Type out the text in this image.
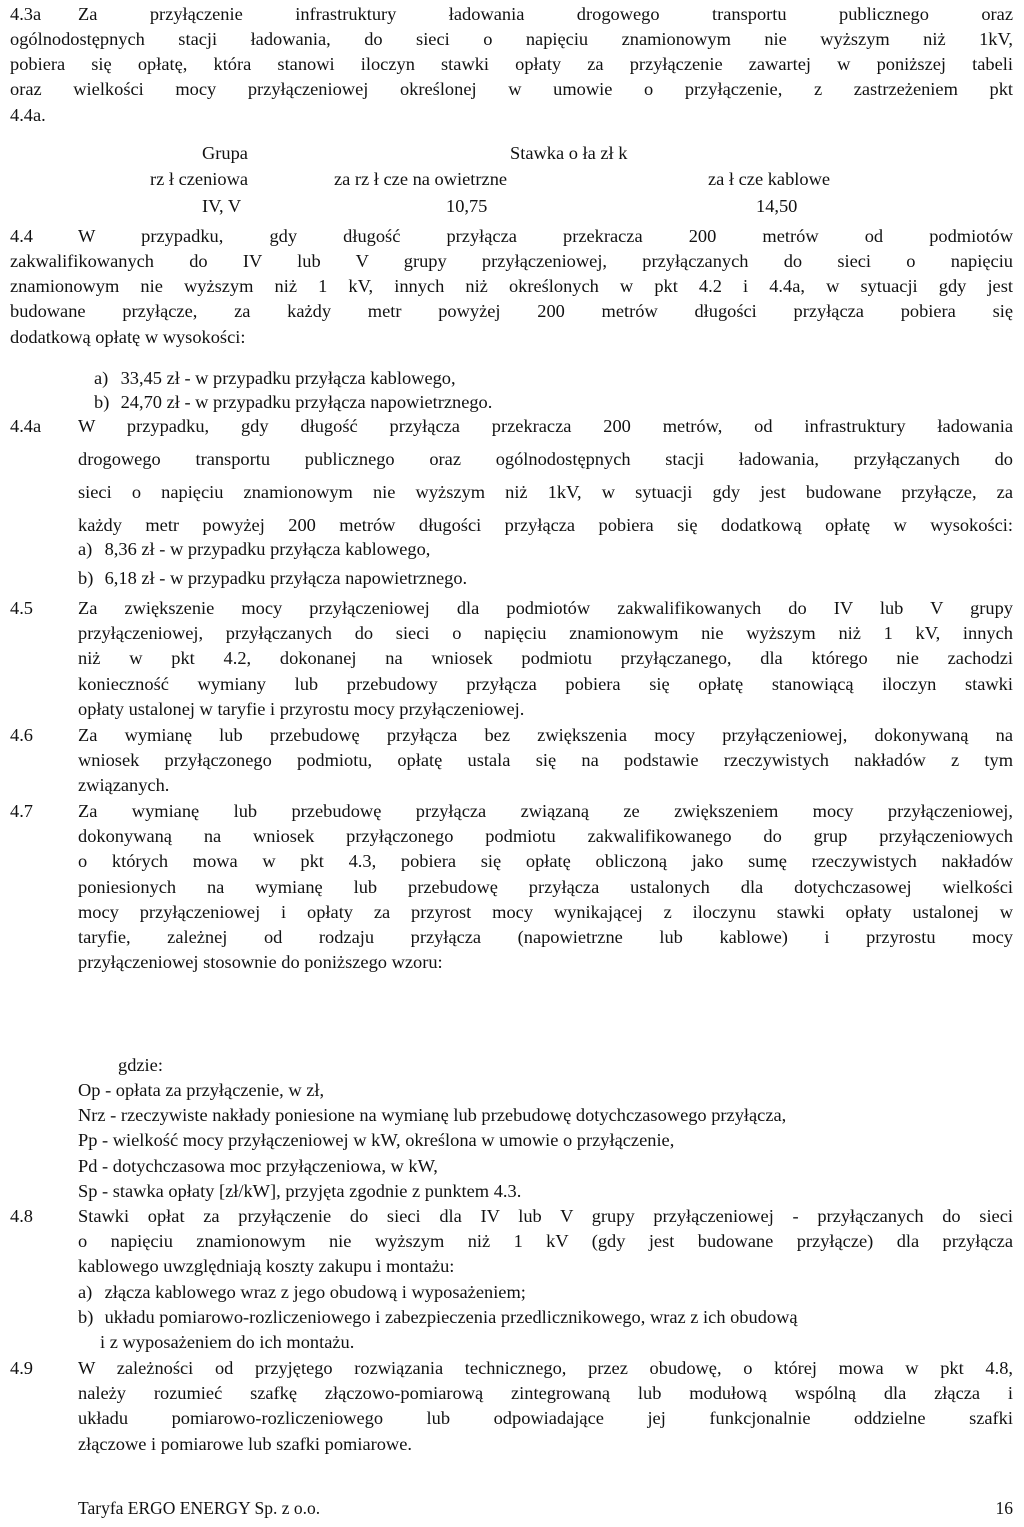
4.3a	Za przyłączenie infrastruktury ładowania drogowego transportu publicznego oraz
ogólnodostępnych stacji ładowania, do sieci o napięciu znamionowym nie wyższym niż 1kV,
pobiera się opłatę, która stanowi iloczyn stawki opłaty za przyłączenie zawartej w poniższej tabeli
oraz wielkości mocy przyłączeniowej określonej w umowie o przyłączenie, z zastrzeżeniem pkt
4.4a.
Grupa	Stawka o ła zł k
rz ł czeniowa	za rz ł cze na owietrzne	za ł cze kablowe
IV, V	10,75	14,50
4.4	W przypadku, gdy długość przyłącza przekracza 200 metrów od podmiotów
zakwalifikowanych do IV lub V grupy przyłączeniowej, przyłączanych do sieci o napięciu
znamionowym nie wyższym niż 1 kV, innych niż określonych w pkt 4.2 i 4.4a, w sytuacji gdy jest
budowane przyłącze, za każdy metr powyżej 200 metrów długości przyłącza pobiera się
dodatkową opłatę w wysokości:
a) 33,45 zł - w przypadku przyłącza kablowego,
b) 24,70 zł - w przypadku przyłącza napowietrznego.
4.4a	W przypadku, gdy długość przyłącza przekracza 200 metrów, od infrastruktury ładowania
drogowego transportu publicznego oraz ogólnodostępnych stacji ładowania, przyłączanych do
sieci o napięciu znamionowym nie wyższym niż 1kV, w sytuacji gdy jest budowane przyłącze, za
każdy metr powyżej 200 metrów długości przyłącza pobiera się dodatkową opłatę w wysokości:
a) 8,36 zł - w przypadku przyłącza kablowego,
b) 6,18 zł - w przypadku przyłącza napowietrznego.
4.5	Za zwiększenie mocy przyłączeniowej dla podmiotów zakwalifikowanych do IV lub V grupy
przyłączeniowej, przyłączanych do sieci o napięciu znamionowym nie wyższym niż 1 kV, innych
niż w pkt 4.2, dokonanej na wniosek podmiotu przyłączanego, dla którego nie zachodzi
konieczność wymiany lub przebudowy przyłącza pobiera się opłatę stanowiącą iloczyn stawki
opłaty ustalonej w taryfie i przyrostu mocy przyłączeniowej.
4.6	Za wymianę lub przebudowę przyłącza bez zwiększenia mocy przyłączeniowej, dokonywaną na
wniosek przyłączonego podmiotu, opłatę ustala się na podstawie rzeczywistych nakładów z tym
związanych.
4.7	Za wymianę lub przebudowę przyłącza związaną ze zwiększeniem mocy przyłączeniowej,
dokonywaną na wniosek przyłączonego podmiotu zakwalifikowanego do grup przyłączeniowych
o których mowa w pkt 4.3, pobiera się opłatę obliczoną jako sumę rzeczywistych nakładów
poniesionych na wymianę lub przebudowę przyłącza ustalonych dla dotychczasowej wielkości
mocy przyłączeniowej i opłaty za przyrost mocy wynikającej z iloczynu stawki opłaty ustalonej w
taryfie, zależnej od rodzaju przyłącza (napowietrzne lub kablowe) i przyrostu mocy
przyłączeniowej stosownie do poniższego wzoru:
gdzie:
Op - opłata za przyłączenie, w zł,
Nrz - rzeczywiste nakłady poniesione na wymianę lub przebudowę dotychczasowego przyłącza,
Pp - wielkość mocy przyłączeniowej w kW, określona w umowie o przyłączenie,
Pd - dotychczasowa moc przyłączeniowa, w kW,
Sp - stawka opłaty [zł/kW], przyjęta zgodnie z punktem 4.3.
4.8	Stawki opłat za przyłączenie do sieci dla IV lub V grupy przyłączeniowej - przyłączanych do sieci
o napięciu znamionowym nie wyższym niż 1 kV (gdy jest budowane przyłącze) dla przyłącza
kablowego uwzględniają koszty zakupu i montażu:
a) złącza kablowego wraz z jego obudową i wyposażeniem;
b) układu pomiarowo-rozliczeniowego i zabezpieczenia przedlicznikowego, wraz z ich obudową
i z wyposażeniem do ich montażu.
4.9	W zależności od przyjętego rozwiązania technicznego, przez obudowę, o której mowa w pkt 4.8,
należy rozumieć szafkę złączowo-pomiarową zintegrowaną lub modułową wspólną dla złącza i
układu pomiarowo-rozliczeniowego lub odpowiadające jej funkcjonalnie oddzielne szafki
złączowe i pomiarowe lub szafki pomiarowe.
Taryfa ERGO ENERGY Sp. z o.o.	16
